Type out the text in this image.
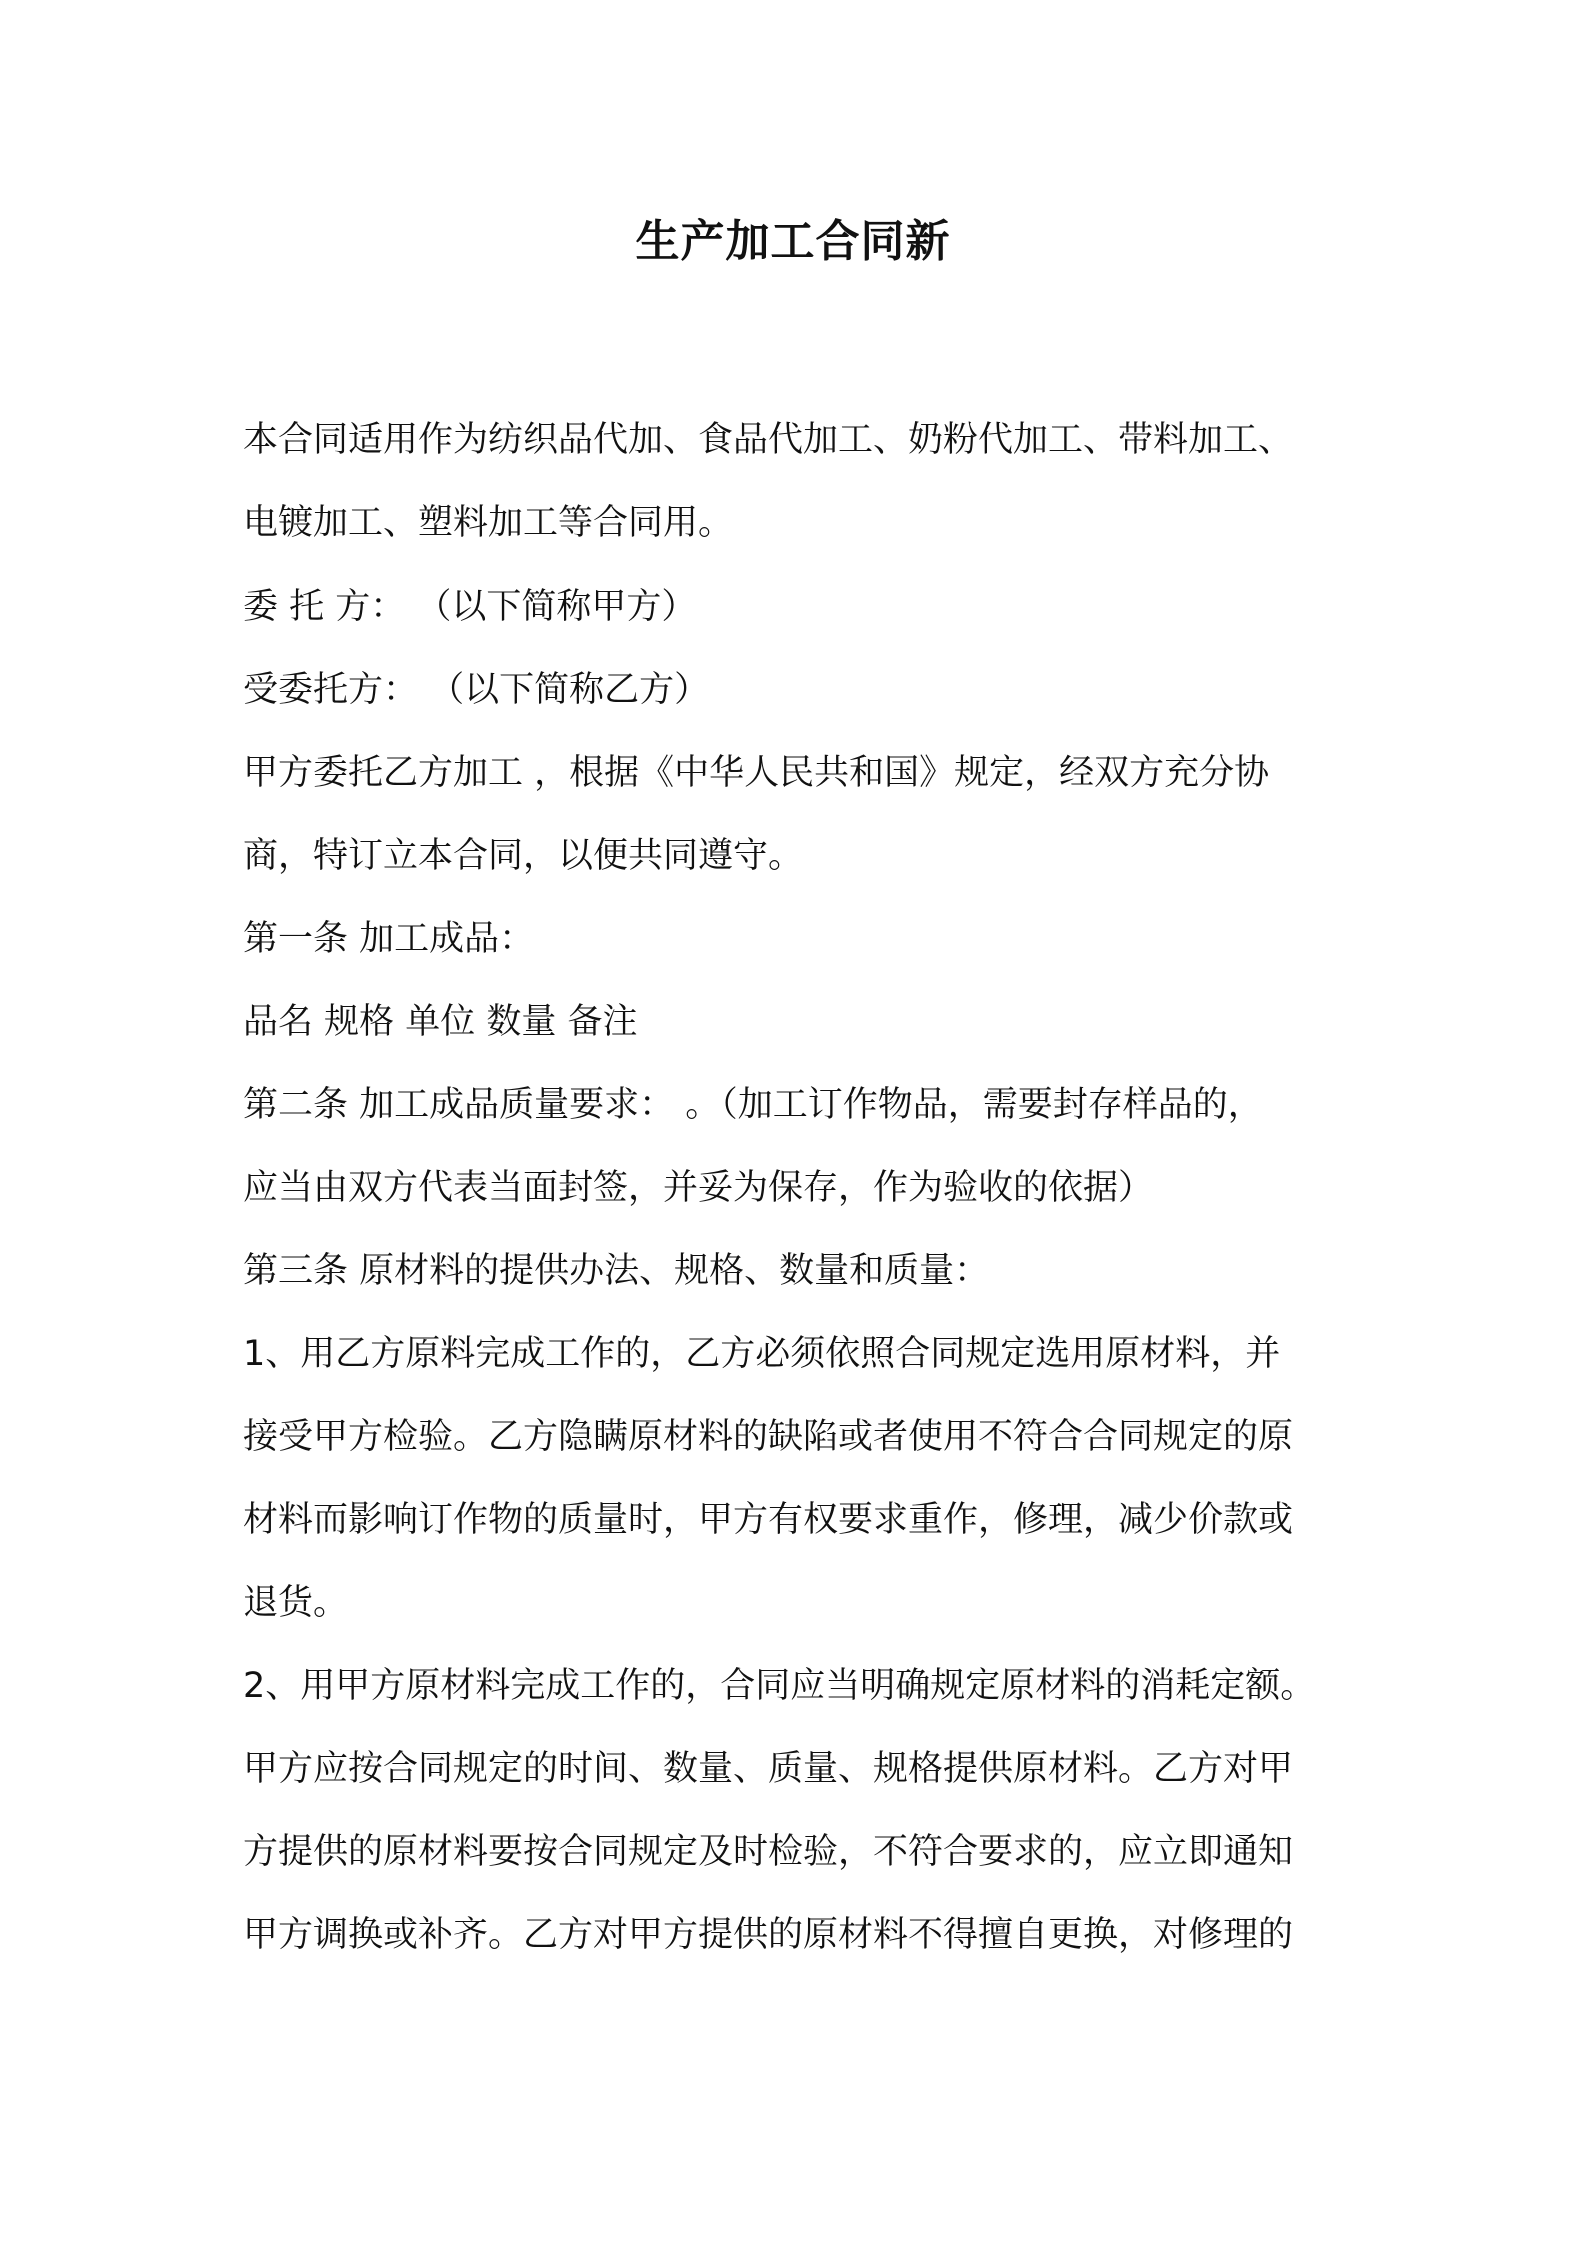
生产加工合同新

本合同适用作为纺织品代加、食品代加工、奶粉代加工、带料加工、

电镀加工、塑料加工等合同用。

委 托 方： （以下简称甲方）

受委托方： （以下简称乙方）

甲方委托乙方加工 ，根据《中华人民共和国》规定，经双方充分协

商，特订立本合同，以便共同遵守。

第一条 加工成品：

品名 规格 单位 数量 备注

第二条 加工成品质量要求： 。（加工订作物品，需要封存样品的，

应当由双方代表当面封签，并妥为保存，作为验收的依据）

第三条 原材料的提供办法、规格、数量和质量：

1、用乙方原料完成工作的，乙方必须依照合同规定选用原材料，并

接受甲方检验。乙方隐瞒原材料的缺陷或者使用不符合合同规定的原

材料而影响订作物的质量时，甲方有权要求重作，修理，减少价款或

退货。

2、用甲方原材料完成工作的，合同应当明确规定原材料的消耗定额。

甲方应按合同规定的时间、数量、质量、规格提供原材料。乙方对甲

方提供的原材料要按合同规定及时检验，不符合要求的，应立即通知

甲方调换或补齐。乙方对甲方提供的原材料不得擅自更换，对修理的
